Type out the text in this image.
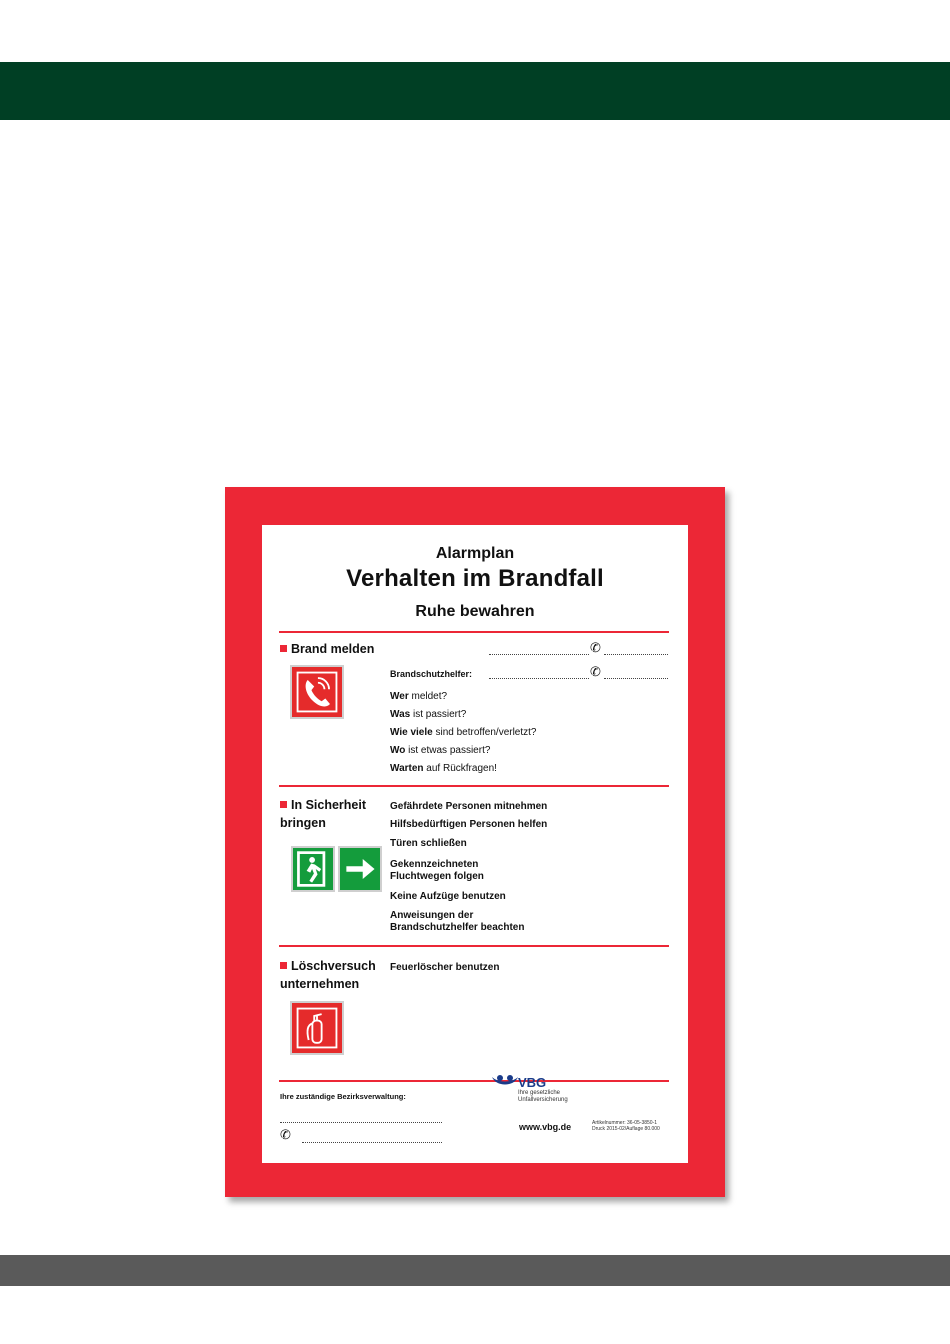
Alarmplan
Verhalten im Brandfall
Ruhe bewahren
Brand melden	✆
Brandschutzhelfer:	✆
Wer meldet?
Was ist passiert?
Wie viele sind betroffen/verletzt?
Wo ist etwas passiert?
Warten auf Rückfragen!
In Sicherheit
bringen
Gefährdete Personen mitnehmen
Hilfsbedürftigen Personen helfen
Türen schließen
Gekennzeichneten
Fluchtwegen folgen
Keine Aufzüge benutzen
Anweisungen der
Brandschutzhelfer beachten
Löschversuch
unternehmen
Feuerlöscher benutzen
Ihre zuständige Bezirksverwaltung:
✆
VBG
Ihre gesetzliche
Unfallversicherung
www.vbg.de	Artikelnummer: 36-05-3850-1
Druck 2015-02/Auflage 80.000
